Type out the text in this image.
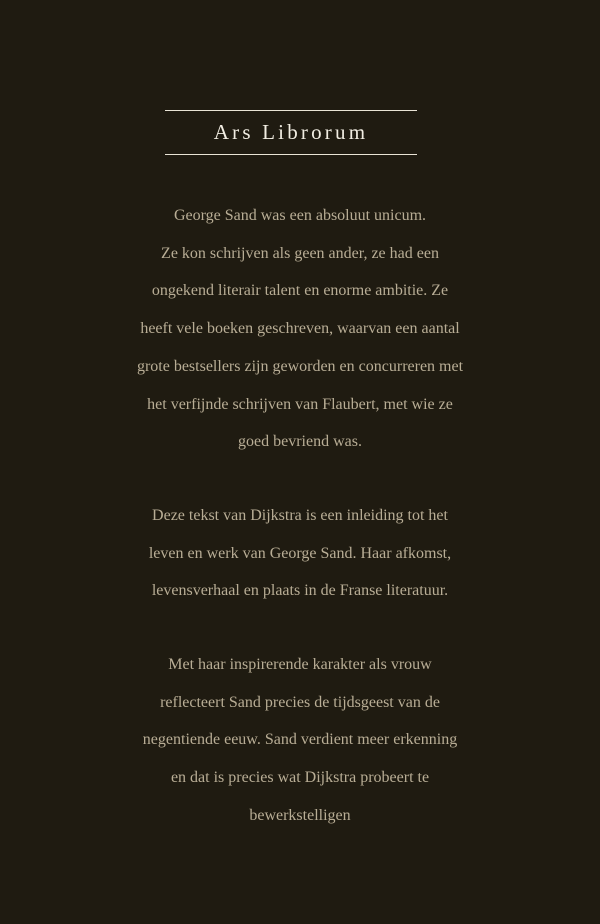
Ars Librorum
George Sand was een absoluut unicum.
Ze kon schrijven als geen ander, ze had een
ongekend literair talent en enorme ambitie. Ze
heeft vele boeken geschreven, waarvan een aantal
grote bestsellers zijn geworden en concurreren met
het verfijnde schrijven van Flaubert, met wie ze
goed bevriend was.
Deze tekst van Dijkstra is een inleiding tot het
leven en werk van George Sand. Haar afkomst,
levensverhaal en plaats in de Franse literatuur.
Met haar inspirerende karakter als vrouw
reflecteert Sand precies de tijdsgeest van de
negentiende eeuw. Sand verdient meer erkenning
en dat is precies wat Dijkstra probeert te
bewerkstelligen
